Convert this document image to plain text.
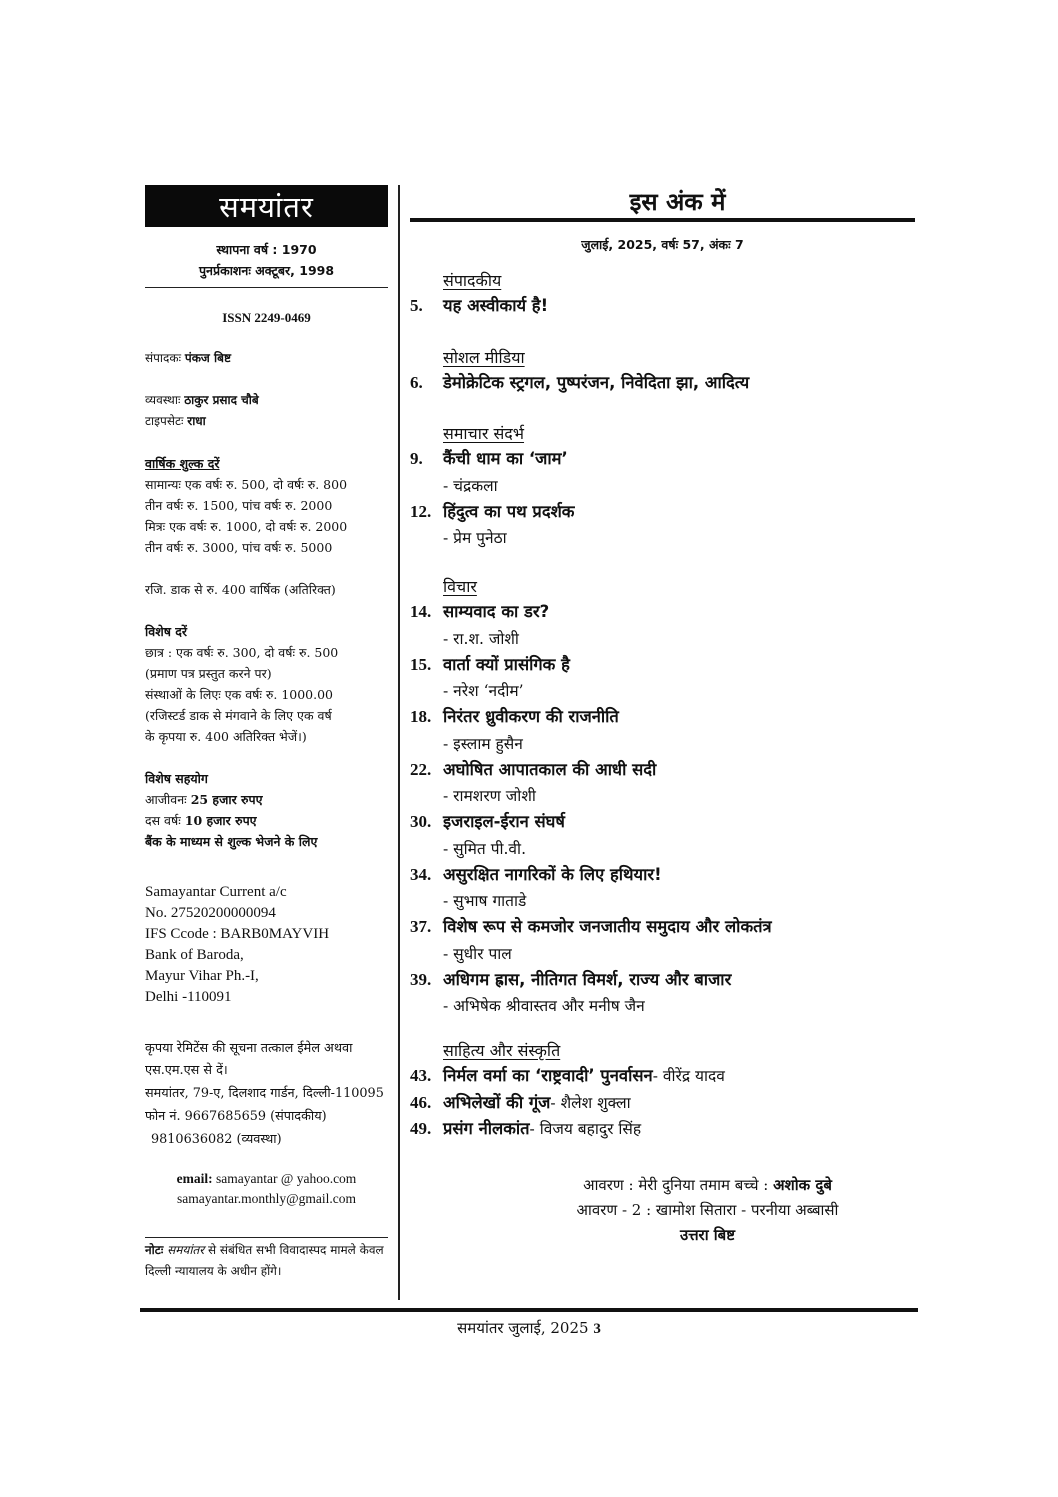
समयांतर
स्थापना वर्ष : 1970
पुनर्प्रकाशनः अक्टूबर, 1998
ISSN 2249-0469
संपादकः पंकज बिष्ट
व्यवस्थाः ठाकुर प्रसाद चौबे
टाइपसेटः राधा
वार्षिक शुल्क दरें
सामान्यः एक वर्षः रु. 500, दो वर्षः रु. 800
तीन वर्षः रु. 1500, पांच वर्षः रु. 2000
मित्रः एक वर्षः रु. 1000, दो वर्षः रु. 2000
तीन वर्षः रु. 3000, पांच वर्षः रु. 5000
रजि. डाक से रु. 400 वार्षिक (अतिरिक्त)
विशेष दरें
छात्र : एक वर्षः रु. 300, दो वर्षः रु. 500
(प्रमाण पत्र प्रस्तुत करने पर)
संस्थाओं के लिएः एक वर्षः रु. 1000.00
(रजिस्टर्ड डाक से मंगवाने के लिए एक वर्ष
के कृपया रु. 400 अतिरिक्त भेजें।)
विशेष सहयोग
आजीवनः 25 हजार रुपए
दस वर्षः 10 हजार रुपए
बैंक के माध्यम से शुल्क भेजने के लिए
Samayantar Current a/c
No. 27520200000094
IFS Ccode : BARB0MAYVIH
Bank of Baroda,
Mayur Vihar Ph.-I,
Delhi -110091
कृपया रेमिटेंस की सूचना तत्काल ईमेल अथवा एस.एम.एस से दें।
समयांतर, 79-ए, दिलशाद गार्डन, दिल्ली-110095
फोन नं. 9667685659 (संपादकीय)
9810636082 (व्यवस्था)
email: samayantar @ yahoo.com
samayantar.monthly@gmail.com
नोटः समयांतर से संबंधित सभी विवादास्पद मामले केवल दिल्ली न्यायालय के अधीन होंगे।
इस अंक में
जुलाई, 2025, वर्षः 57, अंकः 7
संपादकीय
5.	यह अस्वीकार्य है!
सोशल मीडिया
6.	डेमोक्रेटिक स्ट्रगल, पुष्परंजन, निवेदिता झा, आदित्य
समाचार संदर्भ
9.	कैंची धाम का ‘जाम’
- चंद्रकला
12. हिंदुत्व का पथ प्रदर्शक
- प्रेम पुनेठा
विचार
14. साम्यवाद का डर?
- रा.श. जोशी
15. वार्ता क्यों प्रासंगिक है
- नरेश ‘नदीम’
18. निरंतर ध्रुवीकरण की राजनीति
- इस्लाम हुसैन
22. अघोषित आपातकाल की आधी सदी
- रामशरण जोशी
30. इजराइल-ईरान संघर्ष
- सुमित पी.वी.
34. असुरक्षित नागरिकों के लिए हथियार!
- सुभाष गाताडे
37. विशेष रूप से कमजोर जनजातीय समुदाय और लोकतंत्र
- सुधीर पाल
39. अधिगम ह्रास, नीतिगत विमर्श, राज्य और बाजार
- अभिषेक श्रीवास्तव और मनीष जैन
साहित्य और संस्कृति
43. निर्मल वर्मा का ‘राष्ट्रवादी’ पुनर्वासन - वीरेंद्र यादव
46. अभिलेखों की गूंज - शैलेश शुक्ला
49. प्रसंग नीलकांत - विजय बहादुर सिंह
आवरण : मेरी दुनिया तमाम बच्चे : अशोक दुबे
आवरण - 2 : खामोश सितारा - परनीया अब्बासी
उत्तरा बिष्ट
समयांतर जुलाई, 2025 3
